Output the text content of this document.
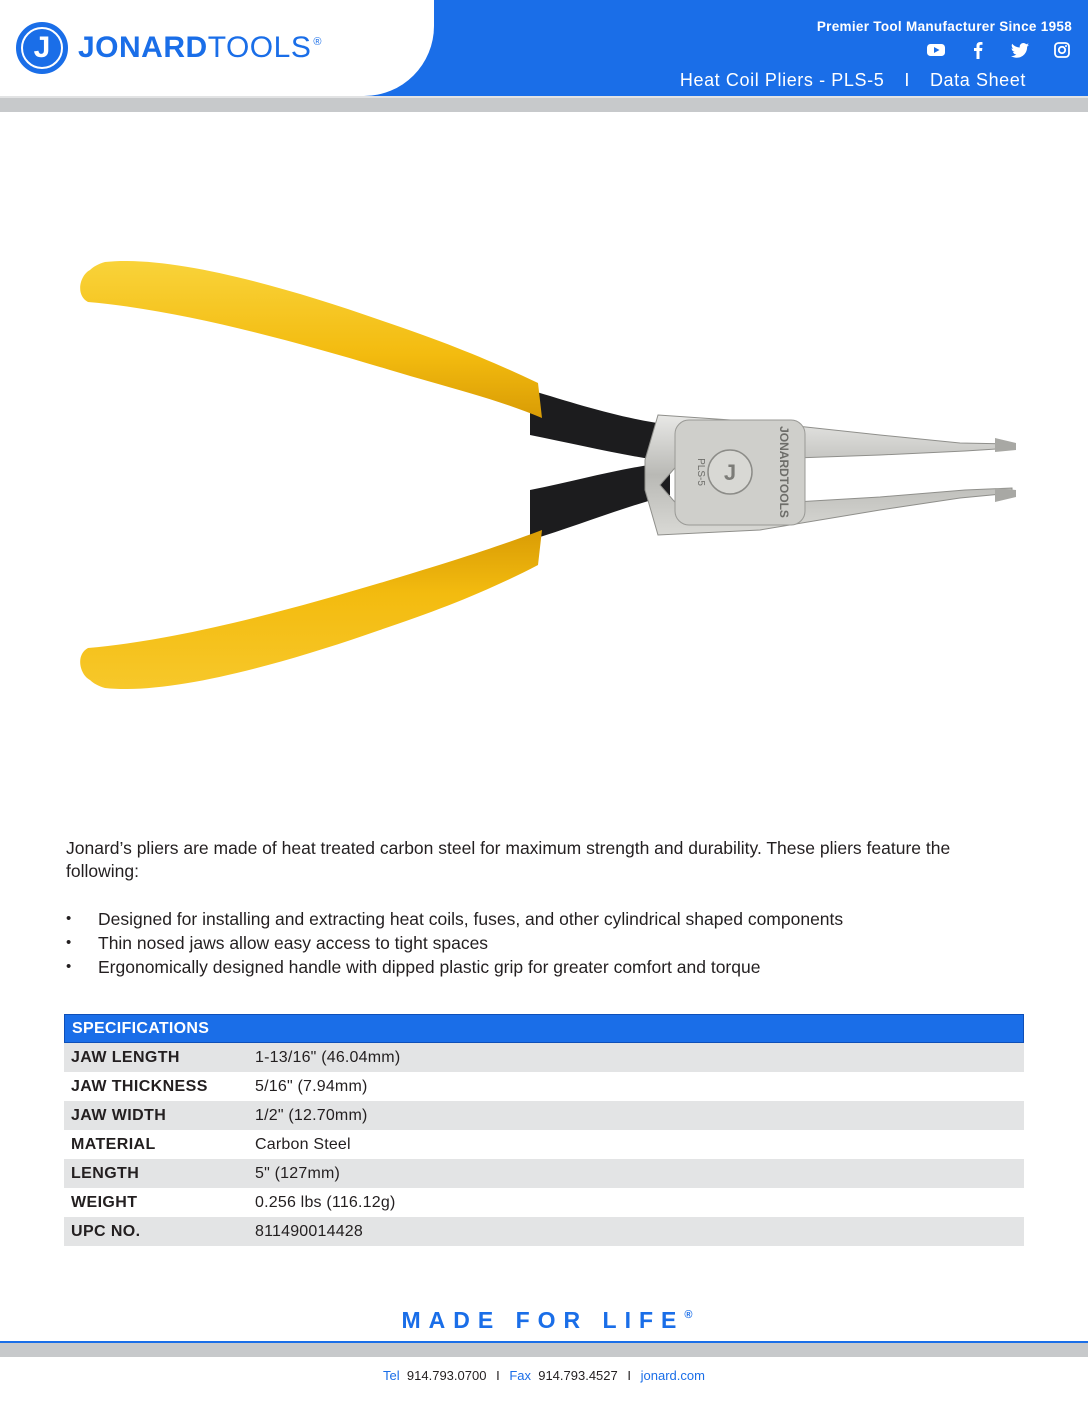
J JONARD TOOLS ®
Premier Tool Manufacturer Since 1958
Heat Coil Pliers - PLS-5 I Data Sheet
J	JONARDTOOLS
PLS-5

Jonard’s pliers are made of heat treated carbon steel for maximum strength and durability. These pliers feature the following:

• Designed for installing and extracting heat coils, fuses, and other cylindrical shaped components
• Thin nosed jaws allow easy access to tight spaces
• Ergonomically designed handle with dipped plastic grip for greater comfort and torque
SPECIFICATIONS
JAW LENGTH	1-13/16" (46.04mm)
JAW THICKNESS	5/16" (7.94mm)
JAW WIDTH	1/2" (12.70mm)
MATERIAL	Carbon Steel
LENGTH	5" (127mm)
WEIGHT	0.256 lbs (116.12g)
UPC NO.	811490014428
MADE FOR LIFE®
Tel 914.793.0700 I Fax 914.793.4527 I jonard.com
